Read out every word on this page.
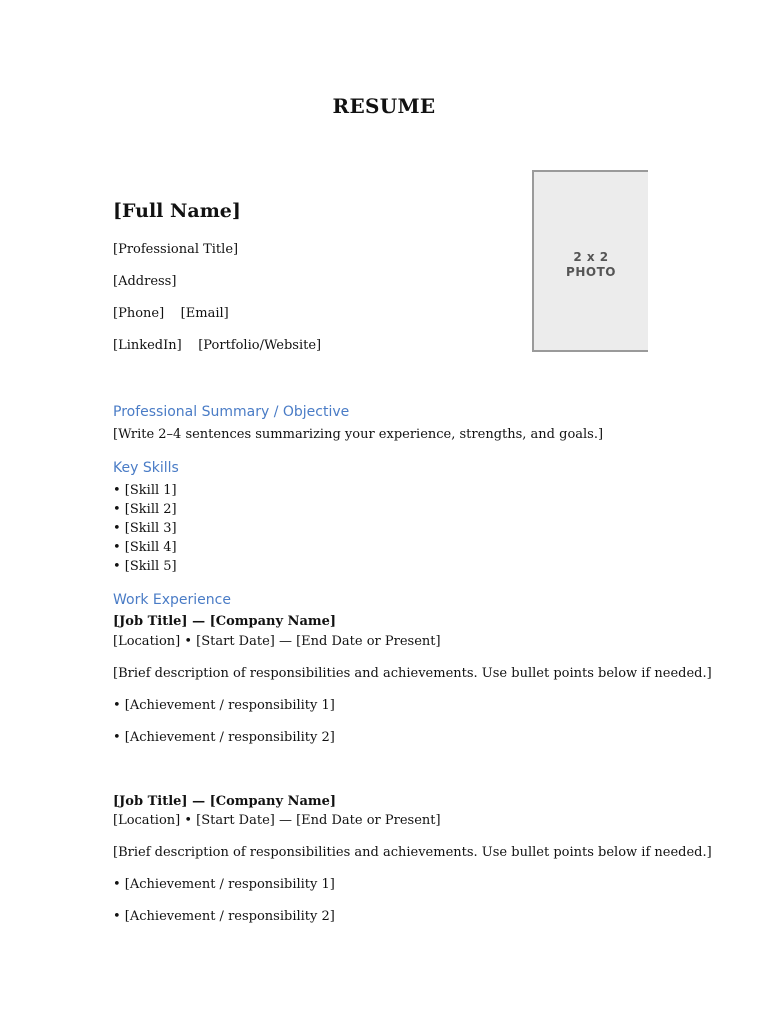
RESUME
[Full Name]
[Professional Title]
[Address]
[Phone]    [Email]
[LinkedIn]    [Portfolio/Website]
2 x 2
PHOTO
Professional Summary / Objective
[Write 2–4 sentences summarizing your experience, strengths, and goals.]
Key Skills
• [Skill 1]
• [Skill 2]
• [Skill 3]
• [Skill 4]
• [Skill 5]
Work Experience
[Job Title] — [Company Name]
[Location] • [Start Date] — [End Date or Present]
[Brief description of responsibilities and achievements. Use bullet points below if needed.]
• [Achievement / responsibility 1]
• [Achievement / responsibility 2]
[Job Title] — [Company Name]
[Location] • [Start Date] — [End Date or Present]
[Brief description of responsibilities and achievements. Use bullet points below if needed.]
• [Achievement / responsibility 1]
• [Achievement / responsibility 2]
